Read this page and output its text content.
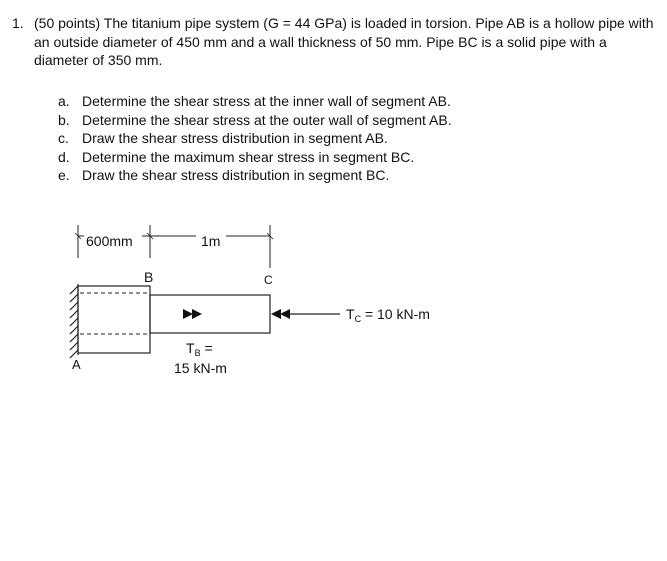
1. (50 points) The titanium pipe system (G = 44 GPa) is loaded in torsion. Pipe AB is a hollow pipe with an outside diameter of 450 mm and a wall thickness of 50 mm. Pipe BC is a solid pipe with a diameter of 350 mm.
a. Determine the shear stress at the inner wall of segment AB.
b. Determine the shear stress at the outer wall of segment AB.
c. Draw the shear stress distribution in segment AB.
d. Determine the maximum shear stress in segment BC.
e. Draw the shear stress distribution in segment BC.
600mm	1m
B	C
A
$T_B$ =
15 kN-m
$T_C = 10$ kN-m
